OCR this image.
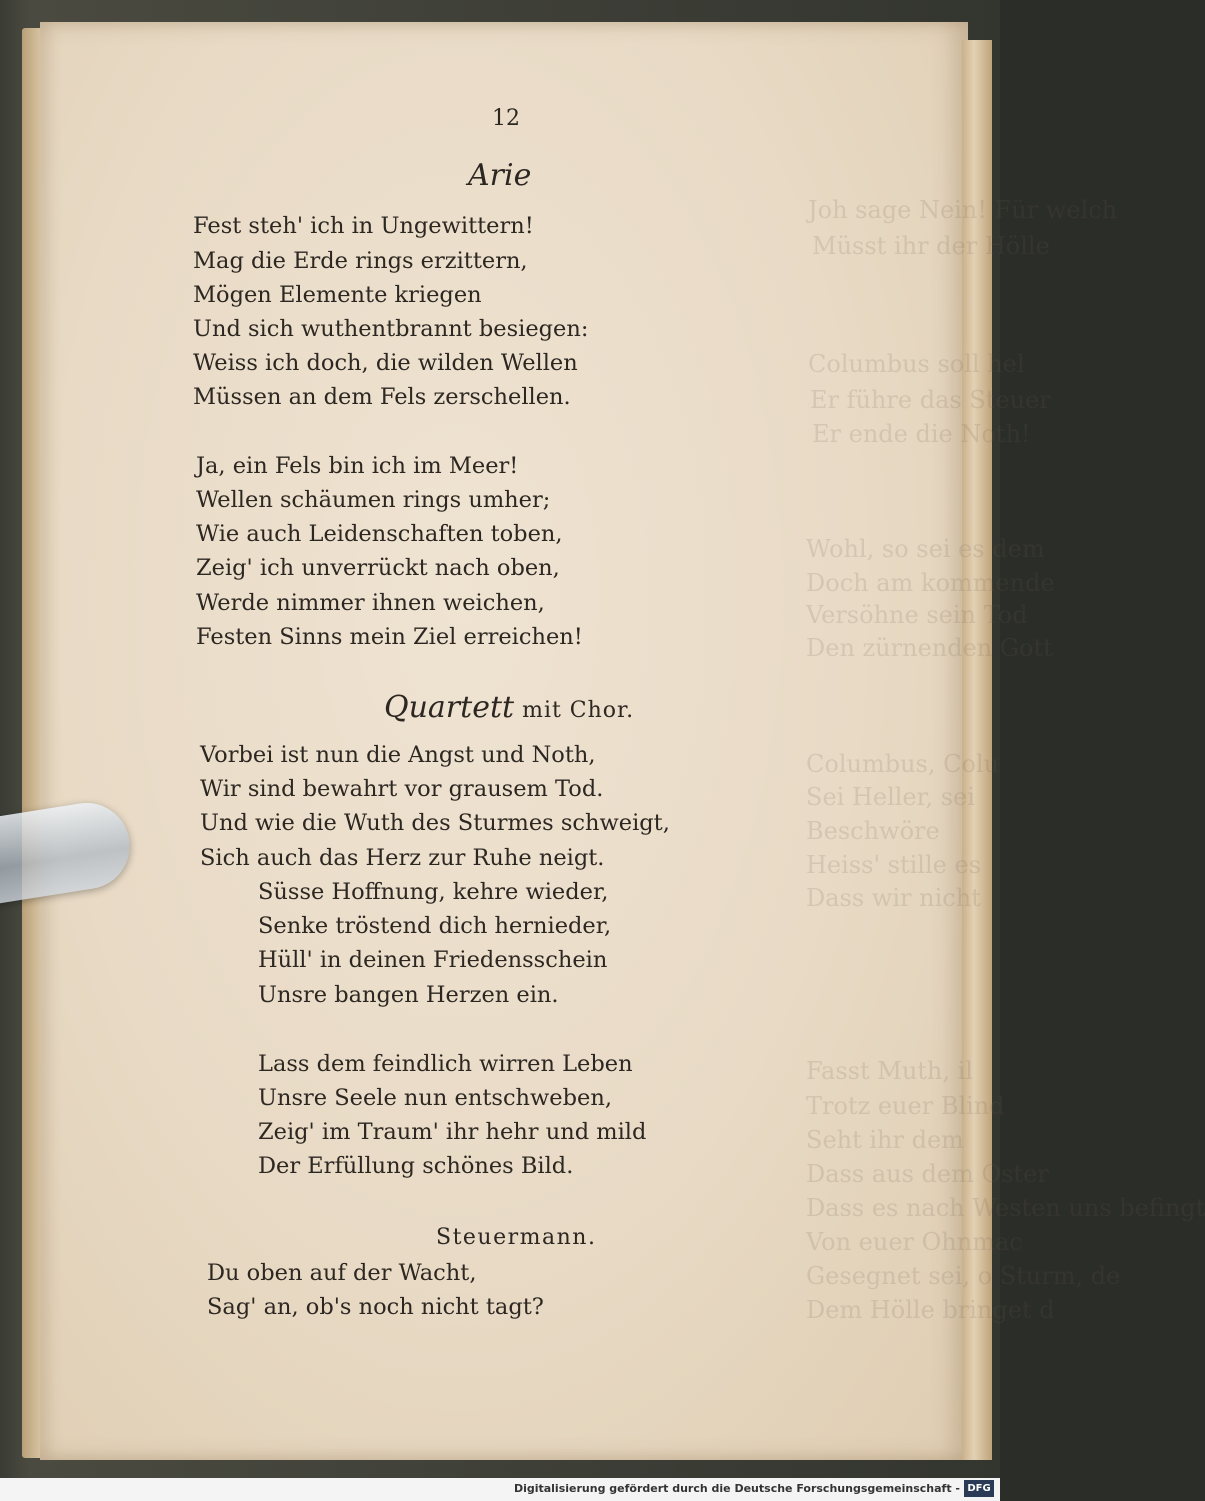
Joh sage Nein! Für welch
Müsst ihr der Hölle
Columbus soll hel
Er führe das Steuer
Er ende die Noth!
Wohl, so sei es dem
Doch am kommende
Versöhne sein Tod
Den zürnenden Gott
Columbus, Colu
Sei Heller, sei
Beschwöre
Heiss' stille es
Dass wir nicht
Fasst Muth, il
Trotz euer Blind
Seht ihr dem
Dass aus dem Oster
Dass es nach Westen uns befingt
Von euer Ohnmac
Gesegnet sei, o Sturm, de
Dem Hölle bringet d
12
Arie
Fest steh' ich in Ungewittern!
Mag die Erde rings erzittern,
Mögen Elemente kriegen
Und sich wuthentbrannt besiegen:
Weiss ich doch, die wilden Wellen
Müssen an dem Fels zerschellen.
Ja, ein Fels bin ich im Meer!
Wellen schäumen rings umher;
Wie auch Leidenschaften toben,
Zeig' ich unverrückt nach oben,
Werde nimmer ihnen weichen,
Festen Sinns mein Ziel erreichen!
Quartett mit Chor.
Vorbei ist nun die Angst und Noth,
Wir sind bewahrt vor grausem Tod.
Und wie die Wuth des Sturmes schweigt,
Sich auch das Herz zur Ruhe neigt.
Süsse Hoffnung, kehre wieder,
Senke tröstend dich hernieder,
Hüll' in deinen Friedensschein
Unsre bangen Herzen ein.
Lass dem feindlich wirren Leben
Unsre Seele nun entschweben,
Zeig' im Traum' ihr hehr und mild
Der Erfüllung schönes Bild.
Steuermann.
Du oben auf der Wacht,
Sag' an, ob's noch nicht tagt?
Digitalisierung gefördert durch die Deutsche Forschungsgemeinschaft - DFG
